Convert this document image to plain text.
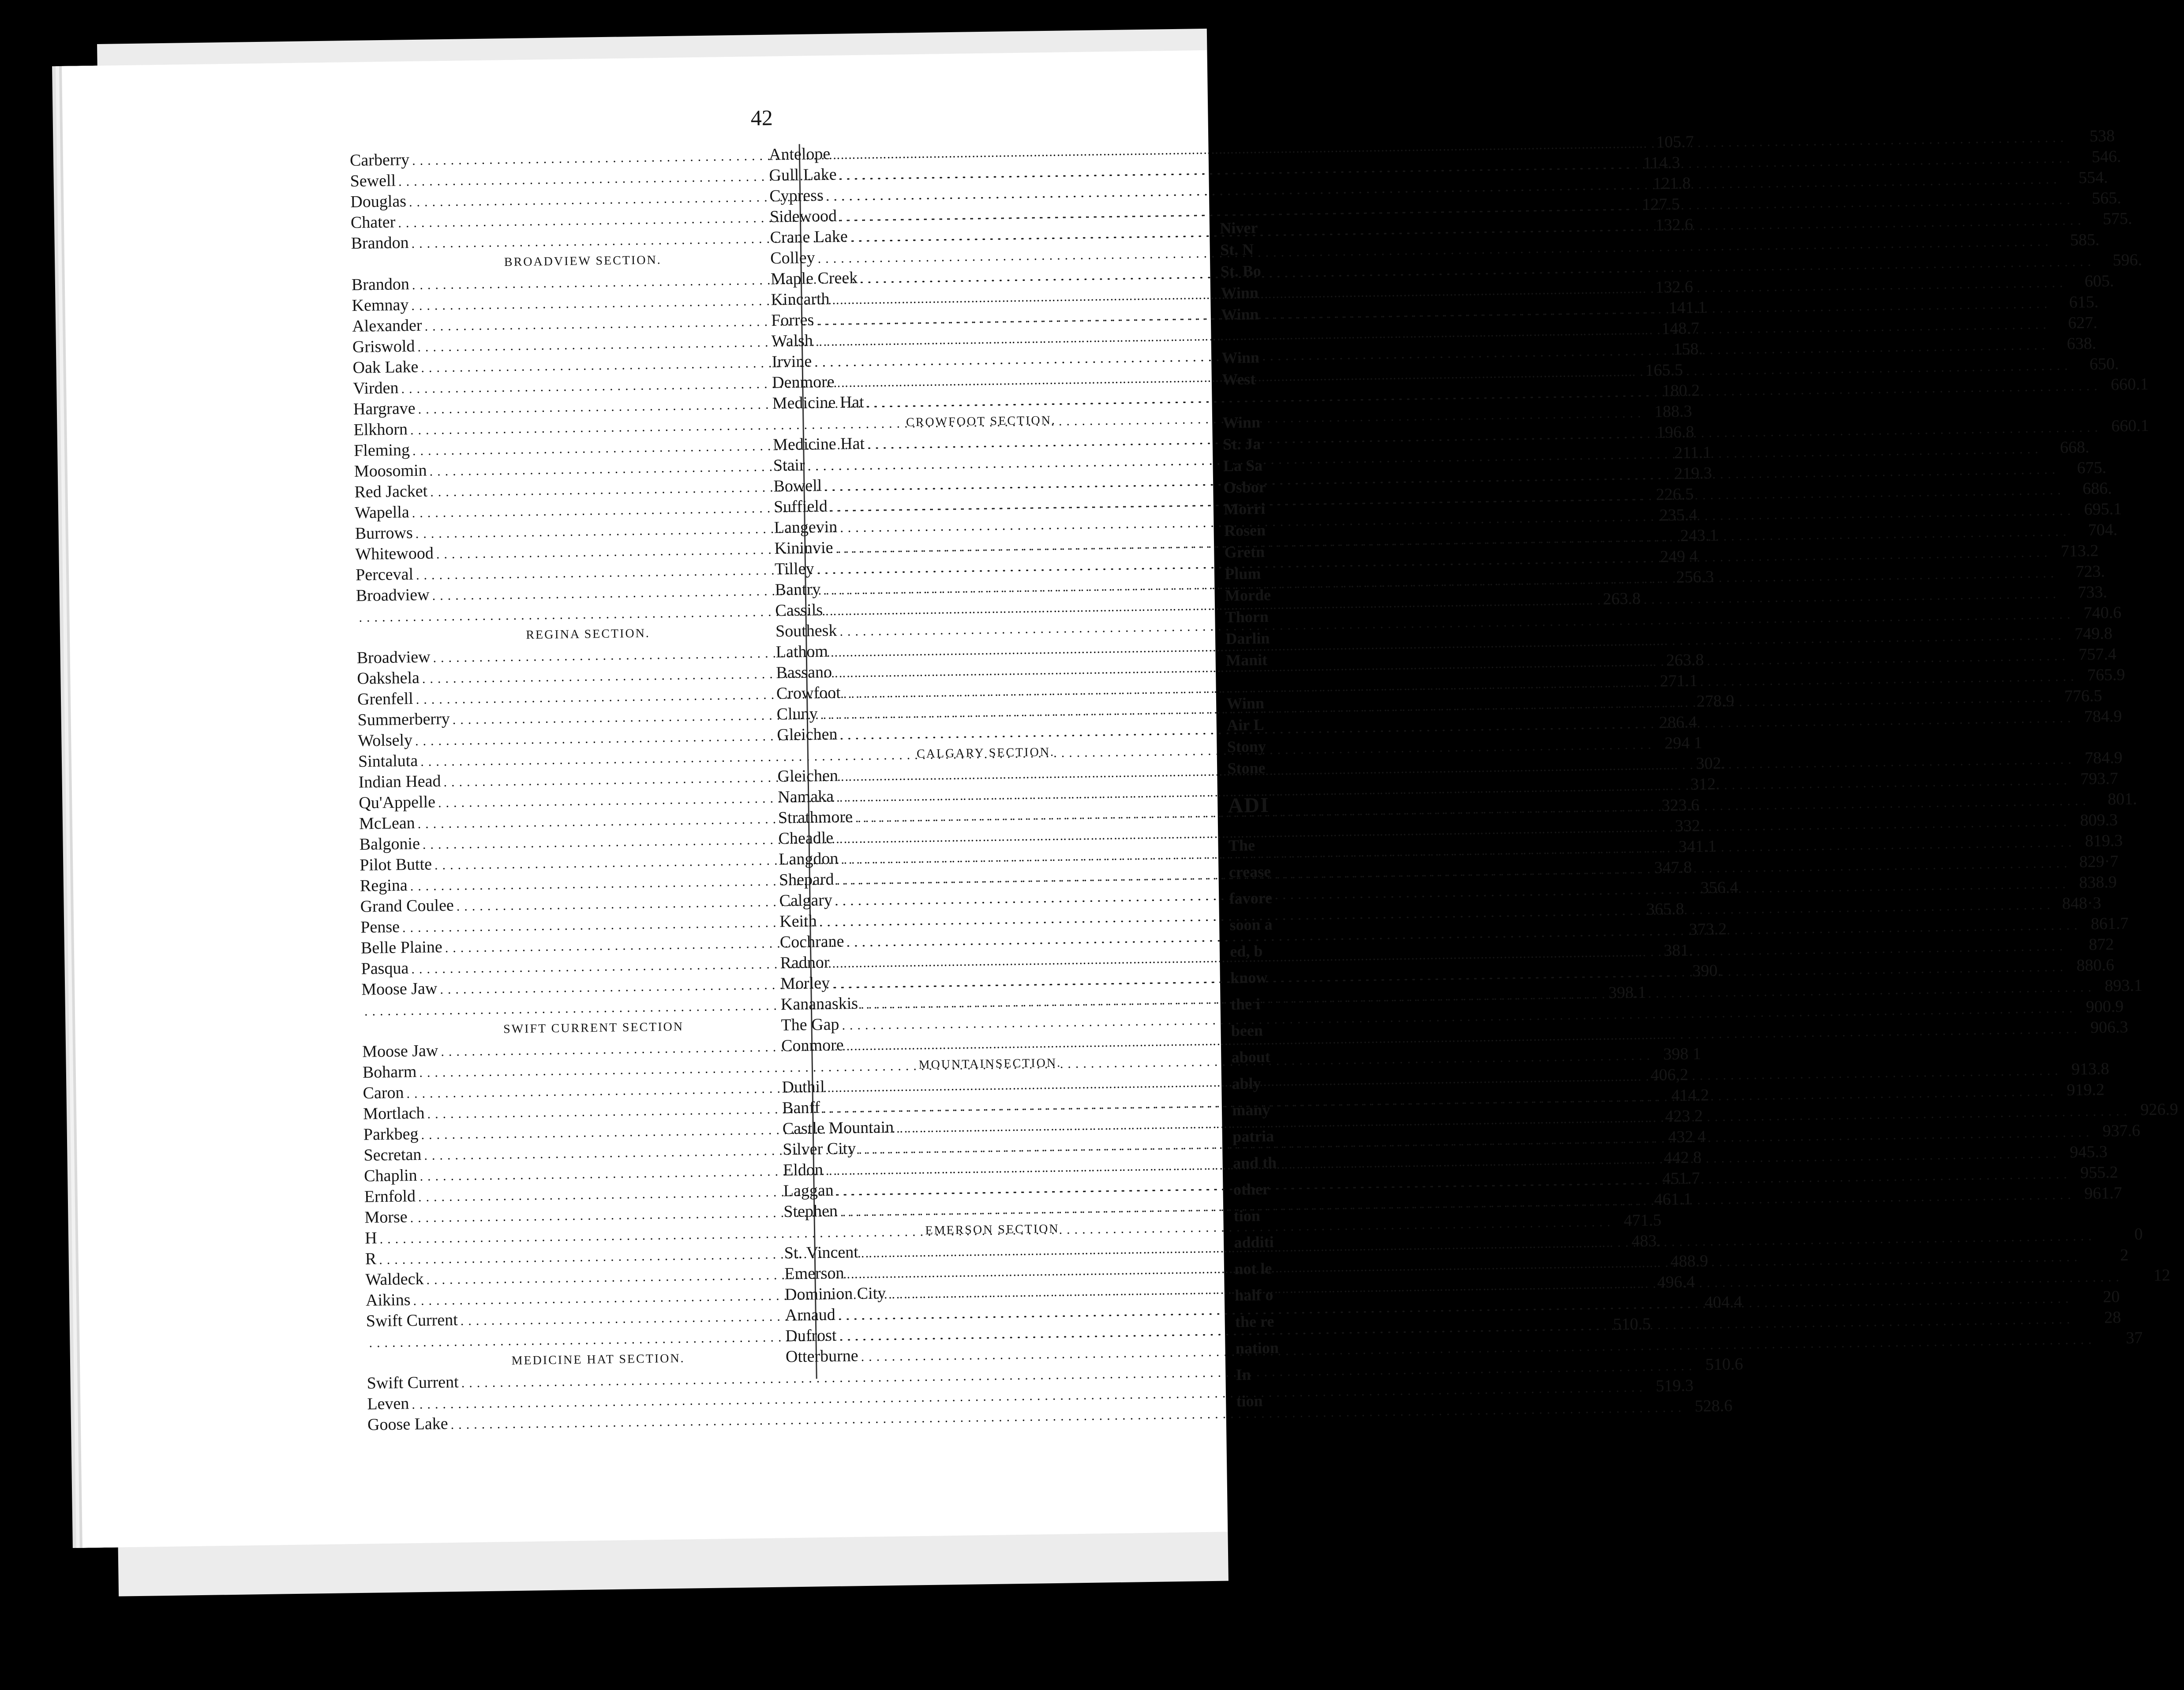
42
Carberry
.....
105.7
Sewell
.....
114.3
Douglas
.....
121.8
Chater
.....
127.5
Brandon
.....
132.6
BROADVIEW SECTION.
Brandon
.....
Kemnay
.....
132.6
Alexander
.....
141.1
Griswold
.....
148.7
Oak Lake
.....
158.
Virden
.....
165.5
Hargrave
.....
180.2
Elkhorn
.....
188.3
Fleming
.....
196.8
Moosomin
.....
211.1
Red Jacket
.....
219.3
Wapella
.....
226.5
Burrows
.....
235.4
Whitewood
.....
243.1
Perceval
.....
249 4
Broadview
.....
256.3
.....
263.8
REGINA SECTION.
Broadview
.....
Oakshela
.....
263.8
Grenfell
.....
271.1
Summerberry
.....
278.9
Wolsely
.....
286.4
Sintaluta
.....
294 1
Indian Head
.....
302.
Qu'Appelle
.....
312.
McLean
.....
323.6
Balgonie
.....
332.
Pilot Butte
.....
341.1
Regina
.....
347.8
Grand Coulee
.....
356.4
Pense
.....
365.8
Belle Plaine
.....
373.2
Pasqua
.....
381.
Moose Jaw
.....
390.
.....
398.1
SWIFT CURRENT SECTION
Moose Jaw
.....
Boharm
.....
398 1
Caron
.....
406,2
Mortlach
.....
414.2
Parkbeg
.....
423 2
Secretan
.....
432 4
Chaplin
.....
442 8
Ernfold
.....
451.7
Morse
.....
461.1
H
.....
471.5
R
.....
483.
Waldeck
.....
488.9
Aikins
.....
496.4
Swift Current
.....
404.4
.....
510.5
MEDICINE HAT SECTION.
Swift Current
.....
510.6
Leven
.....
519.3
Goose Lake
.....
528.6
Antelope
.....
538
Gull Lake
.....
546.
Cypress
.....
554.
Sidewood
.....
565.
Crane Lake
.....
575.
Colley
.....
585.
Maple Creek
.....
596.
Kincarth
.....
605.
Forres
.....
615.
Walsh
.....
627.
Irvine
.....
638.
Denmore
.....
650.
Medicine Hat
.....
660.1
CROWFOOT SECTION.
Medicine Hat
.....
660.1
Stair
.....
668.
Bowell
.....
675.
Suffield
.....
686.
Langevin
.....
695.1
Kininvie
.....
704.
Tilley
.....
713.2
Bantry
.....
723.
Cassils
.....
733.
Southesk
.....
740.6
Lathom
.....
749.8
Bassano
.....
757.4
Crowfoot
.....
765.9
Cluny
.....
776.5
Gleichen
.....
784.9
CALGARY SECTION.
Gleichen
.....
784.9
Namaka
.....
793.7
Strathmore
.....
801.
Cheadle
.....
809.3
Langdon
.....
819.3
Shepard
.....
829·7
Calgary
.....
838.9
Keith
.....
848·3
Cochrane
.....
861.7
Radnor
.....
872
Morley
.....
880.6
Kananaskis
.....
893.1
The Gap
.....
900.9
Conmore
.....
906.3
MOUNTAINSECTION.
Duthil
.....
913.8
Banff
.....
919.2
Castle Mountain
.....
926.9
Silver City
.....
937.6
Eldon
.....
945.3
Laggan
.....
955.2
Stephen
.....
961.7
EMERSON SECTION
St. Vincent
.....
0
Emerson
.....
2
Dominion City
.....
12
Arnaud
.....
20
Dufrost
.....
28
Otterburne
.....
37
Niver
St. N
St. Bo
Winn
Winn
Winn
West
Winn
St. Ja
La Sa
Osbor
Morri
Rosen
Gretn
Plum
Morde
Thorn
Darlin
Manit
Winn
Air L
Stony
Stone
ADI
The
crease
favore
soon a
ed, b
know
the i
been
about
ably
many
patria
and th
other
tion
additi
not le
half o
the re
nation
In
tion
